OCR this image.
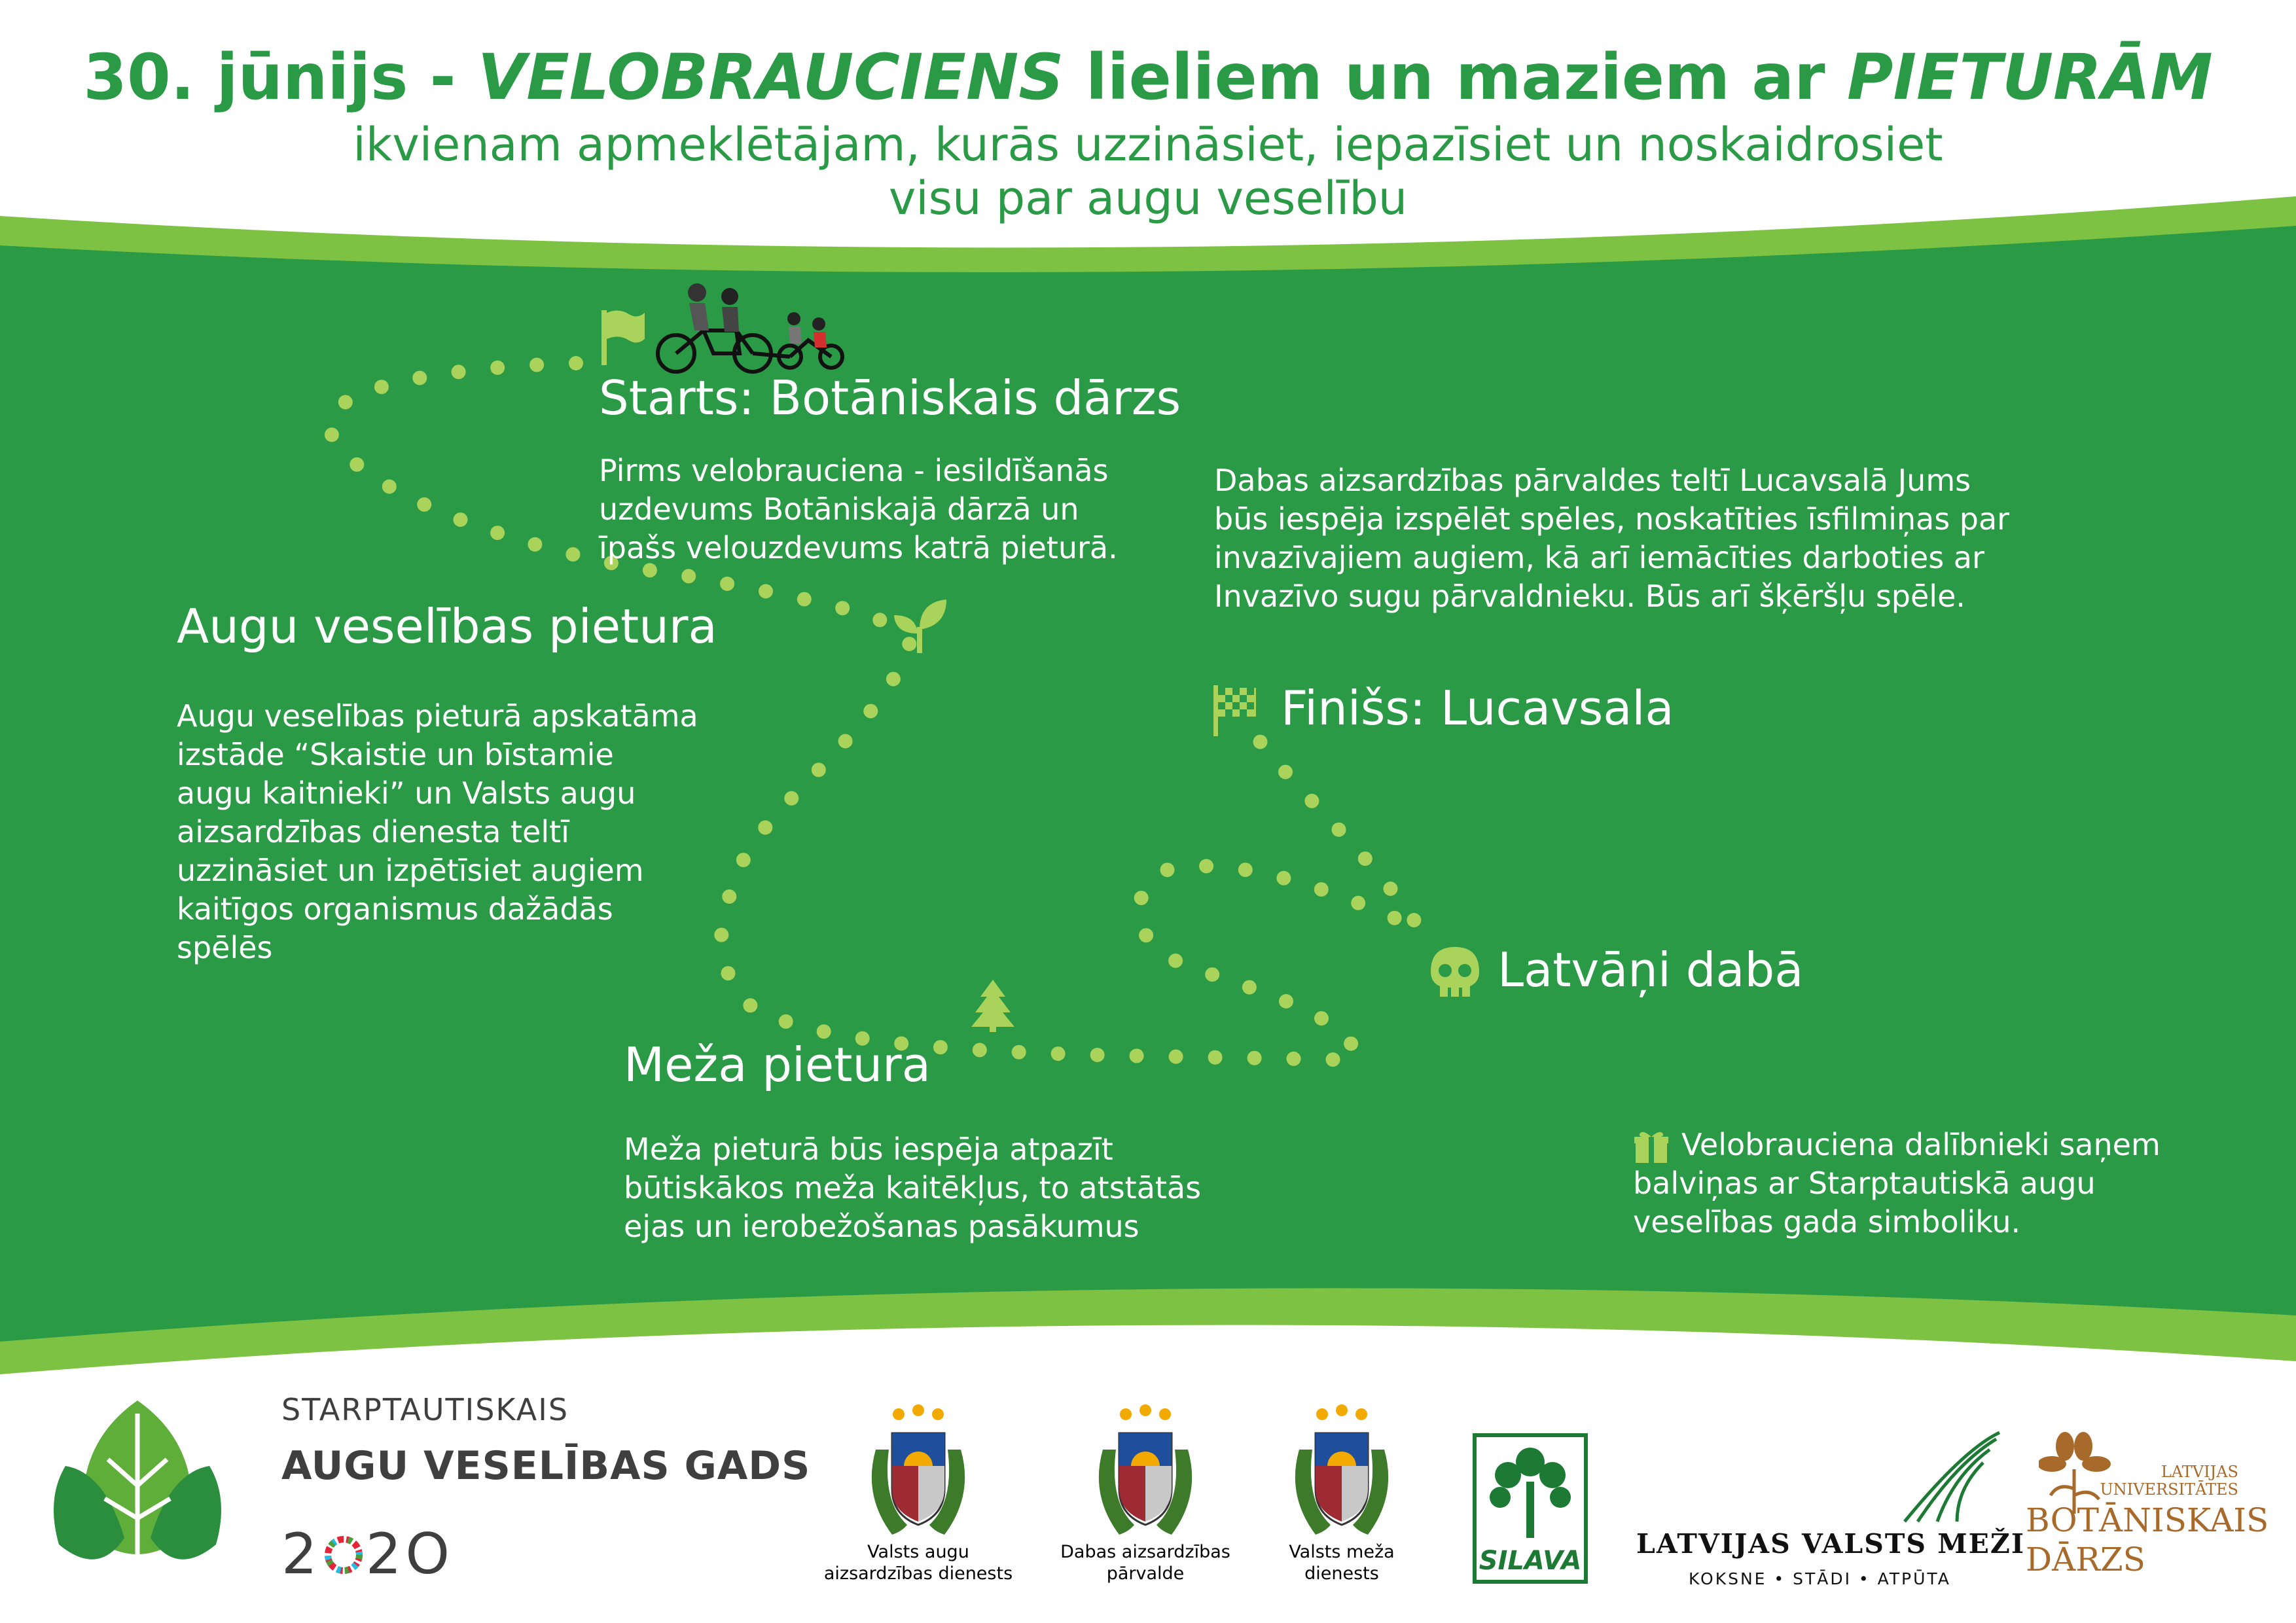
30. jūnijs - VELOBRAUCIENS lieliem un maziem ar PIETURĀM
ikvienam apmeklētājam, kurās uzzināsiet, iepazīsiet un noskaidrosiet
visu par augu veselību
Starts: Botāniskais dārzs
Pirms velobrauciena - iesildīšanās
uzdevums Botāniskajā dārzā un
īpašs velouzdevums katrā pieturā.
Augu veselības pietura
Augu veselības pieturā apskatāma
izstāde “Skaistie un bīstamie
augu kaitnieki” un Valsts augu
aizsardzības dienesta teltī
uzzināsiet un izpētīsiet augiem
kaitīgos organismus dažādās
spēlēs
Dabas aizsardzības pārvaldes teltī Lucavsalā Jums
būs iespēja izspēlēt spēles, noskatīties īsfilmiņas par
invazīvajiem augiem, kā arī iemācīties darboties ar
Invazīvo sugu pārvaldnieku. Būs arī šķēršļu spēle.
Finišs: Lucavsala
Latvāņi dabā
Meža pietura
Meža pieturā būs iespēja atpazīt
būtiskākos meža kaitēkļus, to atstātās
ejas un ierobežošanas pasākumus
Velobrauciena dalībnieki saņem
balviņas ar Starptautiskā augu
veselības gada simboliku.
STARPTAUTISKAIS
AUGU VESELĪBAS GADS
2 2O	Valsts augu
aizsardzības dienests
Dabas aizsardzības
pārvalde
Valsts meža
dienests	SILAVA
LATVIJAS VALSTS MEŽI
KOKSNE • STĀDI • ATPŪTA
LATVIJAS
UNIVERSITĀTES
BOTĀNISKAIS
DĀRZS
